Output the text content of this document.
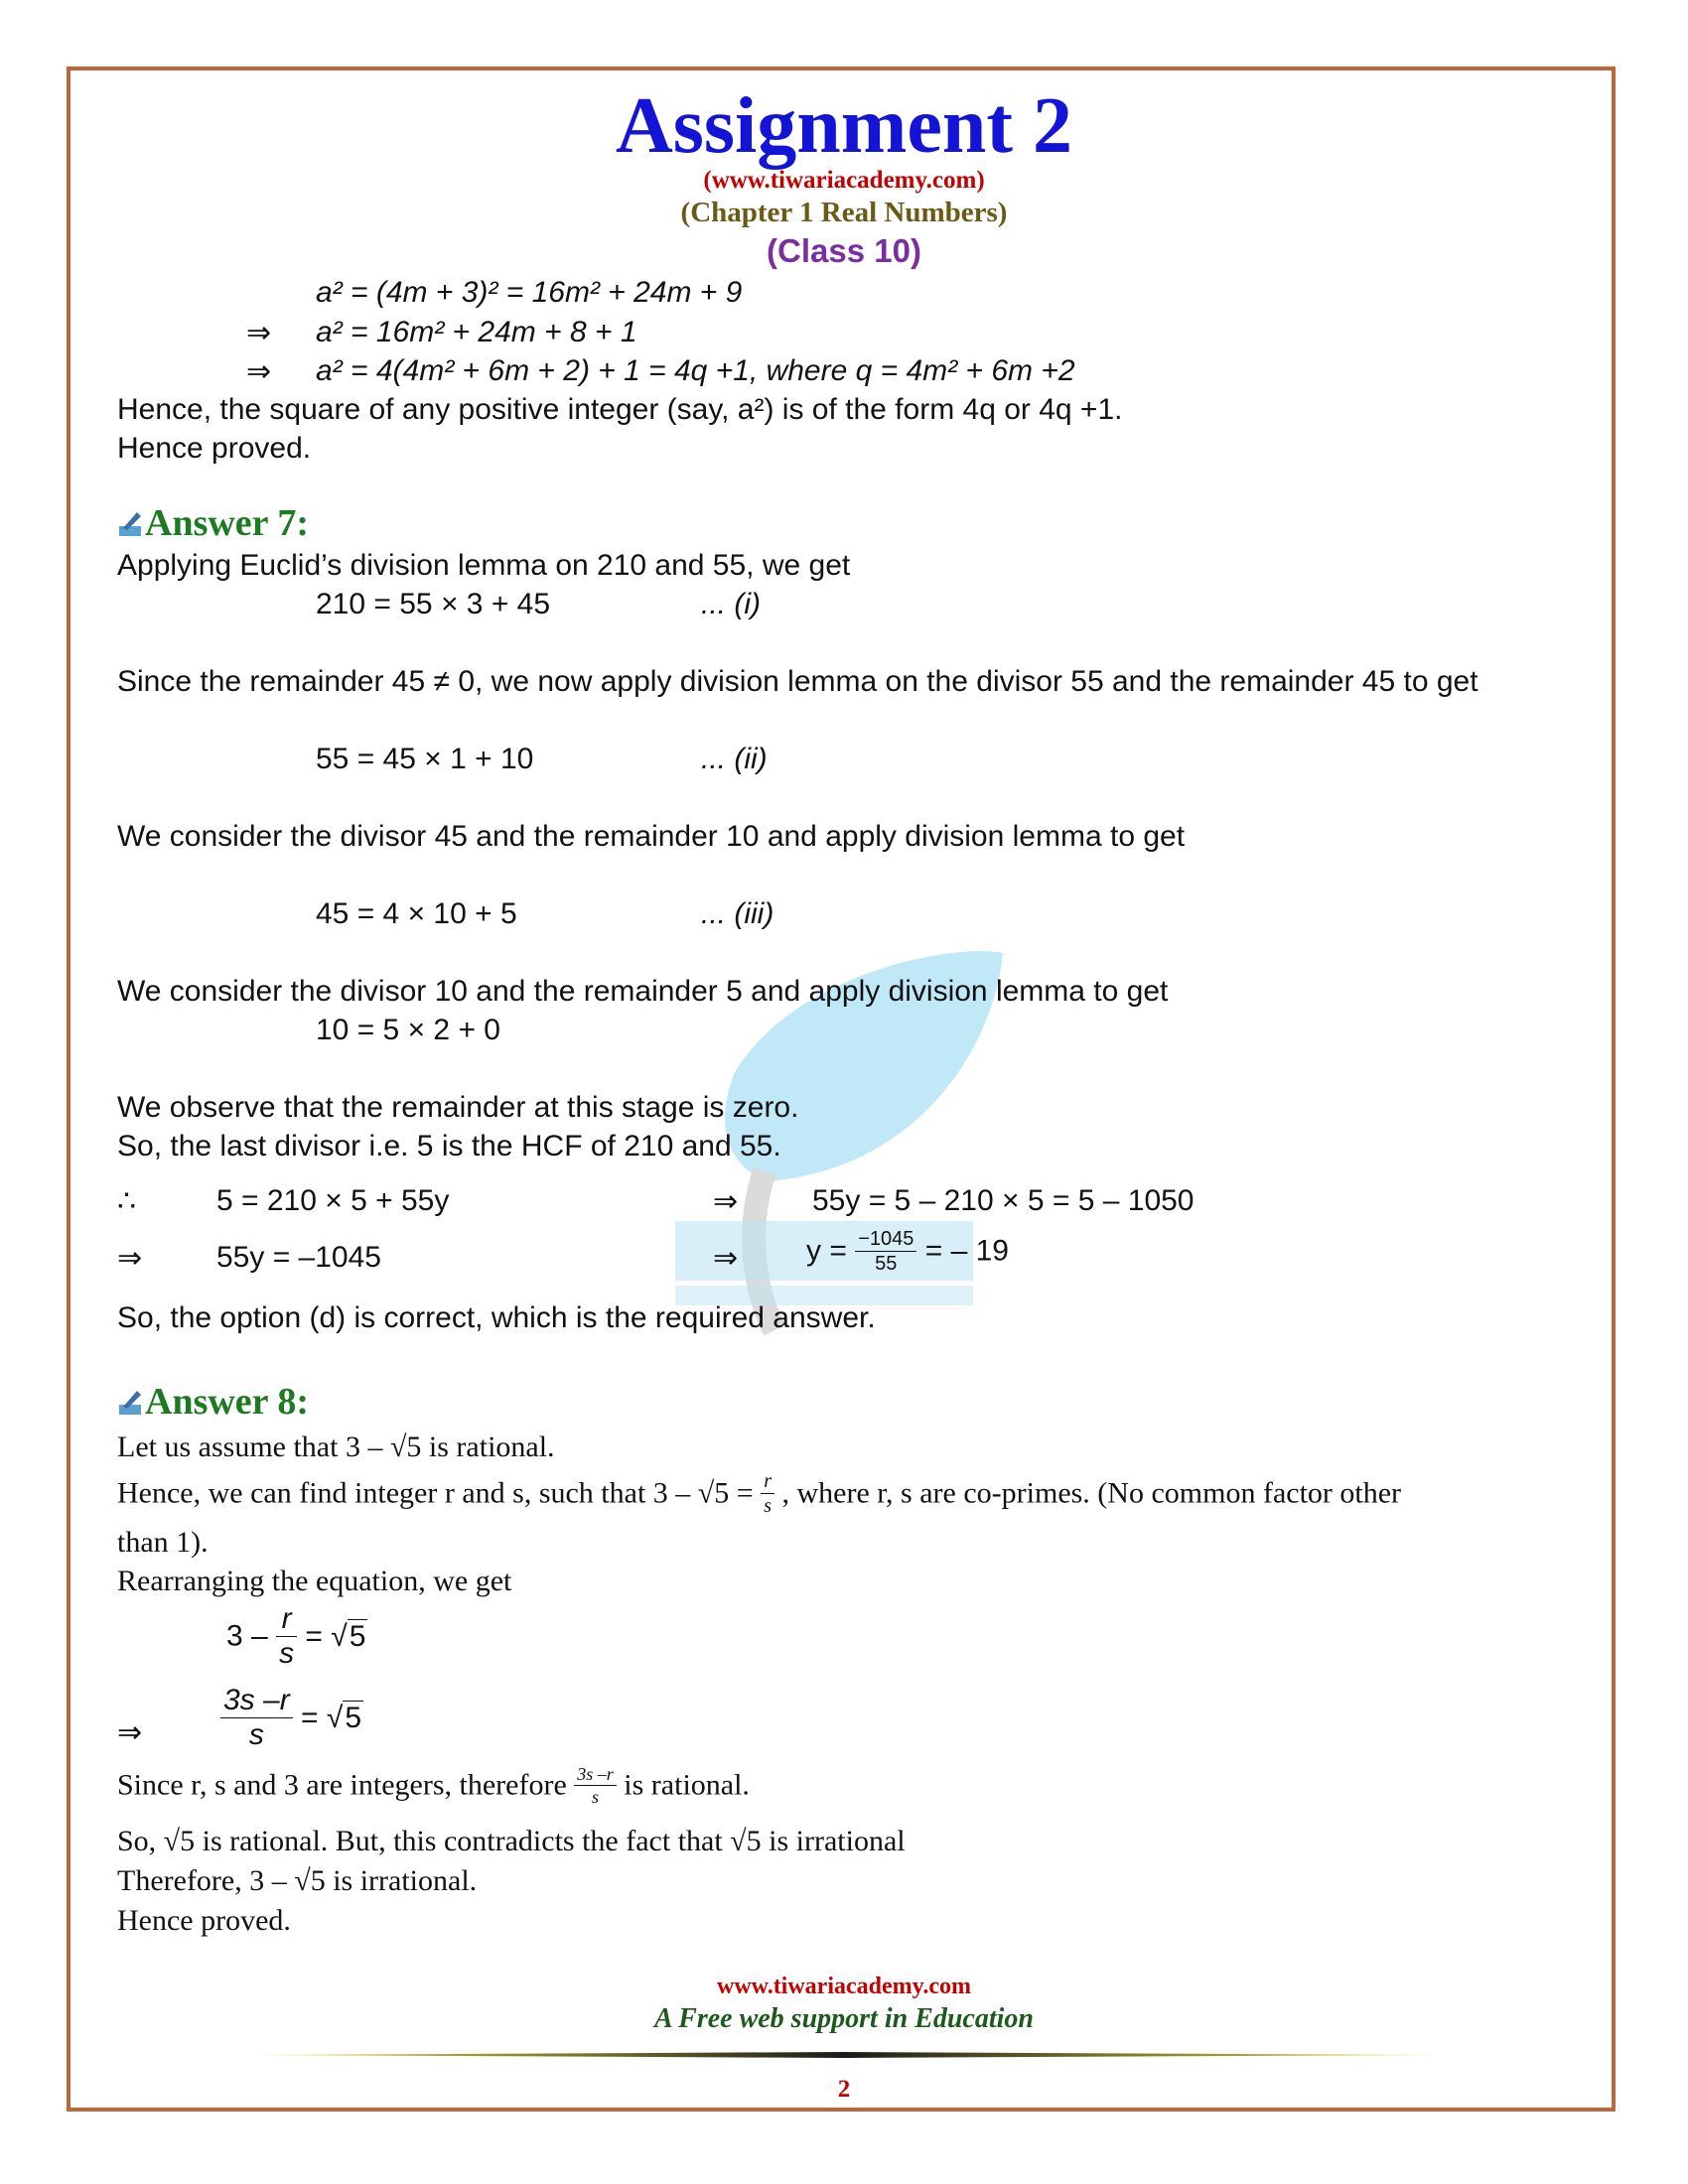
Assignment 2
(www.tiwariacademy.com)
(Chapter 1 Real Numbers)
(Class 10)
a² = (4m + 3)² = 16m² + 24m + 9
⇒ a² = 16m² + 24m + 8 + 1
⇒ a² = 4(4m² + 6m + 2) + 1 = 4q +1, where q = 4m² + 6m +2
Hence, the square of any positive integer (say, a²) is of the form 4q or 4q +1.
Hence proved.
Answer 7:
Applying Euclid’s division lemma on 210 and 55, we get
210 = 55 × 3 + 45	... (i)
Since the remainder 45 ≠ 0, we now apply division lemma on the divisor 55 and the remainder 45 to get
55 = 45 × 1 + 10	... (ii)
We consider the divisor 45 and the remainder 10 and apply division lemma to get
45 = 4 × 10 + 5	... (iii)
We consider the divisor 10 and the remainder 5 and apply division lemma to get
10 = 5 × 2 + 0
We observe that the remainder at this stage is zero.
So, the last divisor i.e. 5 is the HCF of 210 and 55.
∴	5 = 210 × 5 + 55y	⇒ 55y = 5 – 210 × 5 = 5 – 1050
⇒ 55y = –1045	⇒ $y = \frac{-1045}{55}$ = – 19
So, the option (d) is correct, which is the required answer.
Answer 8:
Let us assume that 3 – √5 is rational.
Hence, we can find integer r and s, such that $3 - √5 = \frac{r}{s}$ , where r, s are co-primes. (No common factor other
than 1).
Rearranging the equation, we get
$3 - \frac{r}{s} = √5$
⇒	$\frac{3s -r}{s} = √5$
Since r, s and 3 are integers, therefore $\frac{3s -r}{s}$ is rational.
So, √5 is rational. But, this contradicts the fact that √5 is irrational
Therefore, 3 – √5 is irrational.
Hence proved.
www.tiwariacademy.com
A Free web support in Education
2
